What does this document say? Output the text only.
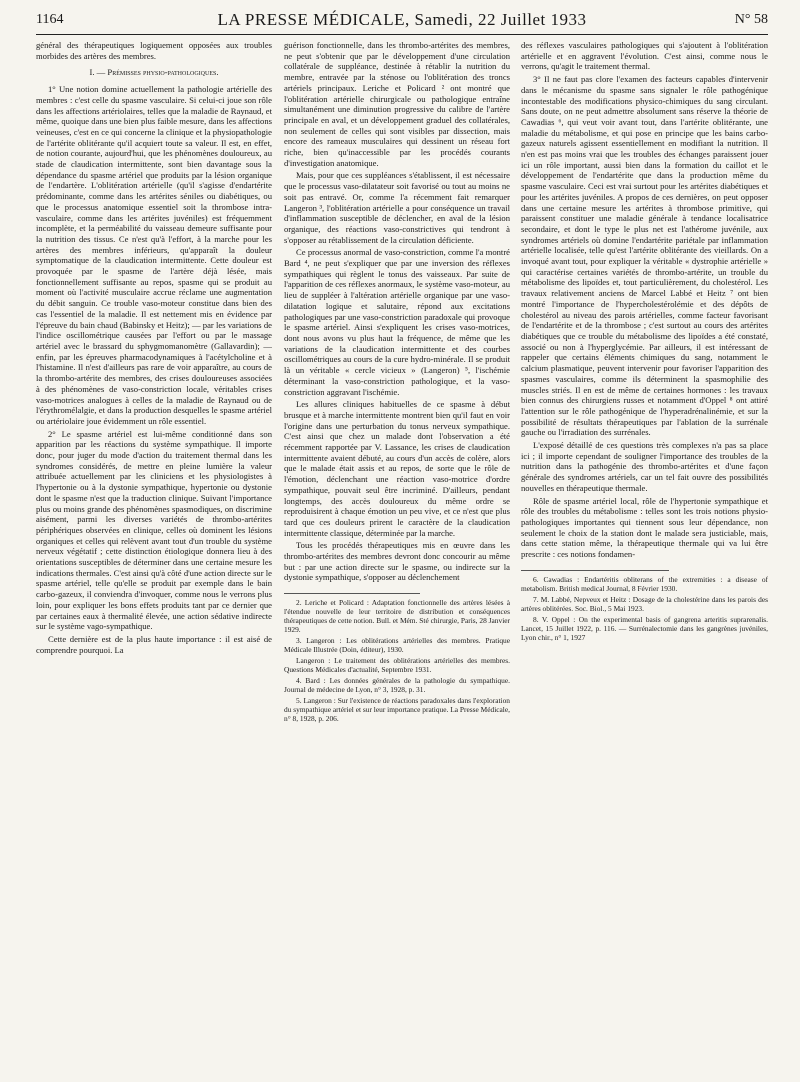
1164	LA PRESSE MÉDICALE, Samedi, 22 Juillet 1933	N° 58

général des thérapeutiques logiquement opposées aux troubles morbides des artères des membres.

I. — Prémisses physio-pathologiques.

1° Une notion domine actuellement la pathologie artérielle des membres : c'est celle du spasme vasculaire. Si celui-ci joue son rôle dans les affections artériolaires, telles que la maladie de Raynaud, et même, quoique dans une bien plus faible mesure, dans les affections veineuses, c'est en ce qui concerne la clinique et la physiopathologie de l'artérite oblitérante qu'il acquiert toute sa valeur. Il est, en effet, de notion courante, aujourd'hui, que les phénomènes douloureux, au stade de claudication intermittente, sont bien davantage sous la dépendance du spasme artériel que produits par la lésion organique de l'endartère. L'oblitération artérielle (qu'il s'agisse d'endartérite prédominante, comme dans les artérites séniles ou diabétiques, ou que le processus anatomique essentiel soit la thrombose intra-vasculaire, comme dans les artérites juvéniles) est fréquemment incomplète, et la perméabilité du vaisseau demeure suffisante pour la nutrition des tissus. Ce n'est qu'à l'effort, à la marche pour les artères des membres inférieurs, qu'apparaît la douleur symptomatique de la claudication intermittente. Cette douleur est provoquée par le spasme de l'artère déjà lésée, mais fonctionnellement suffisante au repos, spasme qui se produit au moment où l'activité musculaire accrue réclame une augmentation du débit sanguin. Ce trouble vaso-moteur constitue dans bien des cas l'essentiel de la maladie. Il est nettement mis en évidence par l'épreuve du bain chaud (Babinsky et Heitz); — par les variations de l'indice oscillométrique causées par l'effort ou par le massage artériel avec le brassard du sphygmomanomètre (Gallavardin); — enfin, par les épreuves pharmacodynamiques à l'acétylcholine et à l'histamine. Il n'est d'ailleurs pas rare de voir apparaître, au cours de la thrombo-artérite des membres, des crises douloureuses associées à des phénomènes de vaso-constriction locale, véritables crises vaso-motrices analogues à celles de la maladie de Raynaud ou de l'érythromélalgie, et dans la production desquelles le spasme artériel ou artériolaire joue évidemment un rôle essentiel.

2° Le spasme artériel est lui-même conditionné dans son apparition par les réactions du système sympathique. Il importe donc, pour juger du mode d'action du traitement thermal dans les syndromes considérés, de mettre en pleine lumière la valeur attribuée actuellement par les cliniciens et les physiologistes à l'hypertonie ou à la dystonie sympathique, hypertonie ou dystonie dont le spasme n'est que la traduction clinique. Suivant l'importance plus ou moins grande des phénomènes spasmodiques, on discrimine aisément, parmi les diverses variétés de thrombo-artérites périphériques observées en clinique, celles où dominent les lésions organiques et celles qui relèvent avant tout d'un trouble du système nerveux végétatif ; cette distinction étiologique donnera lieu à des orientations susceptibles de déterminer dans une certaine mesure les indications thermales. C'est ainsi qu'à côté d'une action directe sur le spasme artériel, telle qu'elle se produit par exemple dans le bain carbo-gazeux, il conviendra d'invoquer, comme nous le verrons plus loin, pour expliquer les bons effets produits tant par ce dernier que par certaines eaux à thermalité élevée, une action sédative indirecte sur le système vago-sympathique.

Cette dernière est de la plus haute importance : il est aisé de comprendre pourquoi. La

guérison fonctionnelle, dans les thrombo-artérites des membres, ne peut s'obtenir que par le développement d'une circulation collatérale de suppléance, destinée à rétablir la nutrition du membre, entravée par la sténose ou l'oblitération des troncs artériels principaux. Leriche et Policard ² ont montré que l'oblitération artérielle chirurgicale ou pathologique entraîne simultanément une diminution progressive du calibre de l'artère principale en aval, et un développement graduel des collatérales, non seulement de celles qui sont visibles par dissection, mais encore des rameaux musculaires qui dessinent un réseau fort riche, bien qu'inaccessible par les procédés courants d'investigation anatomique.

Mais, pour que ces suppléances s'établissent, il est nécessaire que le processus vaso-dilatateur soit favorisé ou tout au moins ne soit pas entravé. Or, comme l'a récemment fait remarquer Langeron ³, l'oblitération artérielle a pour conséquence un travail d'inflammation susceptible de déclencher, en aval de la lésion organique, des réactions vaso-constrictives qui tendront à s'opposer au rétablissement de la circulation déficiente.

Ce processus anormal de vaso-constriction, comme l'a montré Bard ⁴, ne peut s'expliquer que par une inversion des réflexes sympathiques qui règlent le tonus des vaisseaux. Par suite de l'apparition de ces réflexes anormaux, le système vaso-moteur, au lieu de suppléer à l'altération artérielle organique par une vaso-dilatation logique et salutaire, répond aux excitations pathologiques par une vaso-constriction paradoxale qui provoque le spasme artériel. Ainsi s'expliquent les crises vaso-motrices, dont nous avons vu plus haut la fréquence, de même que les variations de la claudication intermittente et des courbes oscillométriques au cours de la cure hydro-minérale. Il se produit là un véritable « cercle vicieux » (Langeron) ⁵, l'ischémie déterminant la vaso-constriction pathologique, et la vaso-constriction aggravant l'ischémie.

Les allures cliniques habituelles de ce spasme à début brusque et à marche intermittente montrent bien qu'il faut en voir l'origine dans une perturbation du tonus nerveux sympathique. C'est ainsi que chez un malade dont l'observation a été récemment rapportée par V. Lassance, les crises de claudication intermittente avaient débuté, au cours d'un accès de colère, alors que le malade était assis et au repos, de sorte que le rôle de l'émotion, déclenchant une réaction vaso-motrice d'ordre sympathique, pouvait seul être incriminé. D'ailleurs, pendant longtemps, des accès douloureux du même ordre se reproduisirent à chaque émotion un peu vive, et ce n'est que plus tard que ces douleurs prirent le caractère de la claudication intermittente classique, déterminée par la marche.

Tous les procédés thérapeutiques mis en œuvre dans les thrombo-artérites des membres devront donc concourir au même but : par une action directe sur le spasme, ou indirecte sur la dystonie sympathique, s'opposer au déclenchement

2. Leriche et Policard : Adaptation fonctionnelle des artères lésées à l'étendue nouvelle de leur territoire de distribution et conséquences thérapeutiques de cette notion. Bull. et Mém. Sté chirurgie, Paris, 28 Janvier 1929.

3. Langeron : Les oblitérations artérielles des membres. Pratique Médicale Illustrée (Doin, éditeur), 1930.

Langeron : Le traitement des oblitérations artérielles des membres. Questions Médicales d'actualité, Septembre 1931.

4. Bard : Les données générales de la pathologie du sympathique. Journal de médecine de Lyon, n° 3, 1928, p. 31.

5. Langeron : Sur l'existence de réactions paradoxales dans l'exploration du sympathique artériel et sur leur importance pratique. La Presse Médicale, n° 8, 1928, p. 206.

des réflexes vasculaires pathologiques qui s'ajoutent à l'oblitération artérielle et en aggravent l'évolution. C'est ainsi, comme nous le verrons, qu'agit le traitement thermal.

3° Il ne faut pas clore l'examen des facteurs capables d'intervenir dans le mécanisme du spasme sans signaler le rôle pathogénique incontestable des modifications physico-chimiques du sang circulant. Sans doute, on ne peut admettre absolument sans réserve la théorie de Cawadias ⁶, qui veut voir avant tout, dans l'artérite oblitérante, une maladie du métabolisme, et qui pose en principe que les bains carbo-gazeux naturels agissent essentiellement en modifiant la nutrition. Il n'en est pas moins vrai que les troubles des échanges paraissent jouer ici un rôle important, aussi bien dans la formation du caillot et le développement de l'endartérite que dans la production même du spasme vasculaire. Ceci est vrai surtout pour les artérites diabétiques et pour les artérites juvéniles. A propos de ces dernières, on peut opposer dans une certaine mesure les artérites à thrombose primitive, qui paraissent constituer une maladie générale à tendance localisatrice secondaire, et dont le type le plus net est l'athérome juvénile, aux syndromes artériels où domine l'endartérite pariétale par inflammation artérielle localisée, telle qu'est l'artérite oblitérante des vieillards. On a invoqué avant tout, pour expliquer la véritable « dystrophie artérielle » qui caractérise certaines variétés de thrombo-artérite, un trouble du métabolisme des lipoïdes et, tout particulièrement, du cholestérol. Les travaux relativement anciens de Marcel Labbé et Heitz ⁷ ont bien montré l'importance de l'hypercholestérolémie et des dépôts de cholestérol au niveau des parois artérielles, comme facteur favorisant de l'endartérite et de la thrombose ; c'est surtout au cours des artérites diabétiques que ce trouble du métabolisme des lipoïdes a été constaté, associé ou non à l'hyperglycémie. Par ailleurs, il est intéressant de rappeler que certains éléments chimiques du sang, notamment le calcium plasmatique, peuvent intervenir pour favoriser l'apparition des spasmes vasculaires, comme ils déterminent la spasmophilie des muscles striés. Il en est de même de certaines hormones : les travaux bien connus des chirurgiens russes et notamment d'Oppel ⁸ ont attiré l'attention sur le rôle pathogénique de l'hyperadrénalinémie, et sur la possibilité de résultats thérapeutiques par l'ablation de la surrénale gauche ou l'irradiation des surrénales.

L'exposé détaillé de ces questions très complexes n'a pas sa place ici ; il importe cependant de souligner l'importance des troubles de la nutrition dans la pathogénie des thrombo-artérites et d'une façon générale des syndromes artériels, car un tel fait ouvre des possibilités nouvelles en thérapeutique thermale.

Rôle de spasme artériel local, rôle de l'hypertonie sympathique et rôle des troubles du métabolisme : telles sont les trois notions physio-pathologiques importantes qui tiennent sous leur dépendance, non seulement le choix de la station dont le malade sera justiciable, mais, dans cette station même, la thérapeutique thermale qui va lui être prescrite : ces notions fondamen-

6. Cawadias : Endartéritis obliterans of the extremities : a disease of metabolism. British medical Journal, 8 Février 1930.

7. M. Labbé, Nepveux et Heitz : Dosage de la cholestérine dans les parois des artères oblitérées. Soc. Biol., 5 Mai 1923.

8. V. Oppel : On the experimental basis of gangrena arteritis suprarenalis. Lancet, 15 Juillet 1922, p. 116. — Surrénalectomie dans les gangrènes juvéniles, Lyon chir., n° 1, 1927
